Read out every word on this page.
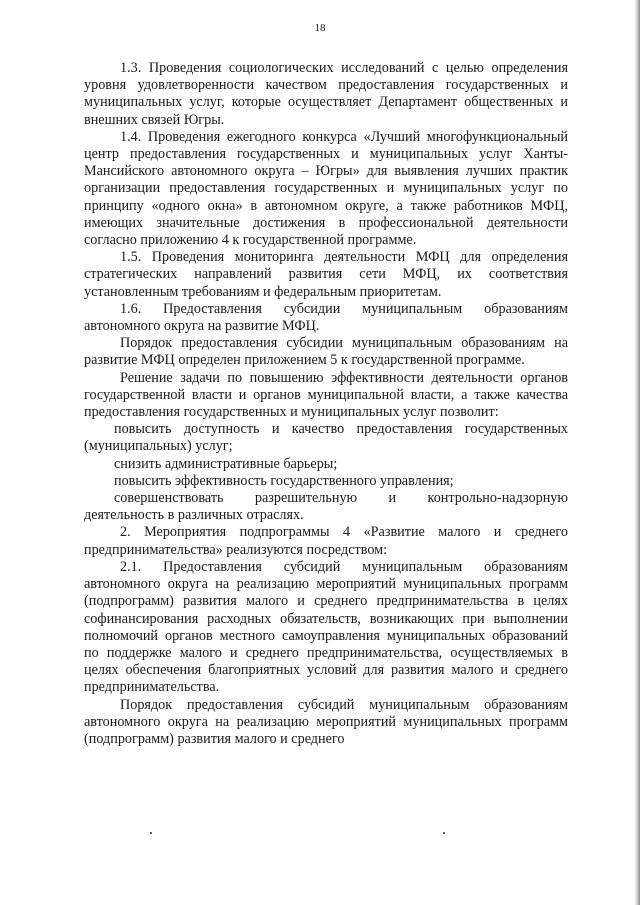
18

1.3. Проведения социологических исследований с целью определения уровня удовлетворенности качеством предоставления государственных и муниципальных услуг, которые осуществляет Департамент общественных и внешних связей Югры.

1.4. Проведения ежегодного конкурса «Лучший многофункциональный центр предоставления государственных и муниципальных услуг Ханты-Мансийского автономного округа – Югры» для выявления лучших практик организации предоставления государственных и муниципальных услуг по принципу «одного окна» в автономном округе, а также работников МФЦ, имеющих значительные достижения в профессиональной деятельности согласно приложению 4 к государственной программе.

1.5. Проведения мониторинга деятельности МФЦ для определения стратегических направлений развития сети МФЦ, их соответствия установленным требованиям и федеральным приоритетам.

1.6. Предоставления субсидии муниципальным образованиям автономного округа на развитие МФЦ.

Порядок предоставления субсидии муниципальным образованиям на развитие МФЦ определен приложением 5 к государственной программе.

Решение задачи по повышению эффективности деятельности органов государственной власти и органов муниципальной власти, а также качества предоставления государственных и муниципальных услуг позволит:

повысить доступность и качество предоставления государственных (муниципальных) услуг;

снизить административные барьеры;

повысить эффективность государственного управления;

совершенствовать разрешительную и контрольно-надзорную деятельность в различных отраслях.

2. Мероприятия подпрограммы 4 «Развитие малого и среднего предпринимательства» реализуются посредством:

2.1. Предоставления субсидий муниципальным образованиям автономного округа на реализацию мероприятий муниципальных программ (подпрограмм) развития малого и среднего предпринимательства в целях софинансирования расходных обязательств, возникающих при выполнении полномочий органов местного самоуправления муниципальных образований по поддержке малого и среднего предпринимательства, осуществляемых в целях обеспечения благоприятных условий для развития малого и среднего предпринимательства.

Порядок предоставления субсидий муниципальным образованиям автономного округа на реализацию мероприятий муниципальных программ (подпрограмм) развития малого и среднего
